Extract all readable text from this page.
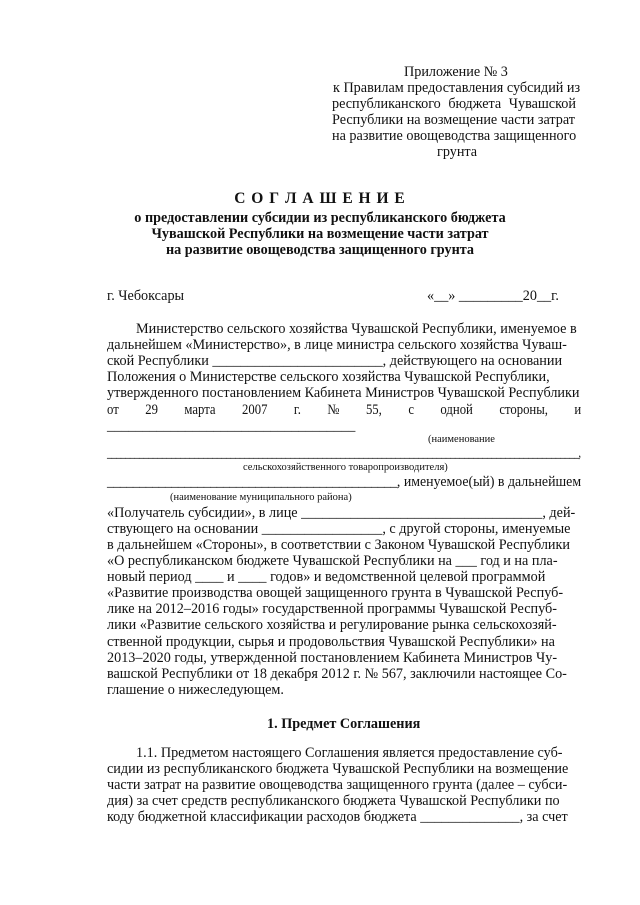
Приложение № 3
к Правилам предоставления субсидий из
республиканского бюджета Чувашской
Республики на возмещение части затрат
на развитие овощеводства защищенного
грунта
С О Г Л А Ш Е Н И Е
о предоставлении субсидии из республиканского бюджета
Чувашской Республики на возмещение части затрат
на развитие овощеводства защищенного грунта
г. Чебоксары	«__» _________20__г.
Министерство сельского хозяйства Чувашской Республики, именуемое в
дальнейшем «Министерство», в лице министра сельского хозяйства Чуваш-
ской Республики ________________________, действующего на основании
Положения о Министерстве сельского хозяйства Чувашской Республики,
утвержденного постановлением Кабинета Министров Чувашской Республики
от 29 марта 2007 г. № 55, с одной стороны, и
___________________________________
(наименование
_______________________________________________________________________________________________________,
сельскохозяйственного товаропроизводителя)
_____________________________________________, именуемое(ый) в дальнейшем
(наименование муниципального района)
«Получатель субсидии», в лице __________________________________, дей-
ствующего на основании _________________, с другой стороны, именуемые
в дальнейшем «Стороны», в соответствии с Законом Чувашской Республики
«О республиканском бюджете Чувашской Республики на ___ год и на пла-
новый период ____ и ____ годов» и ведомственной целевой программой
«Развитие производства овощей защищенного грунта в Чувашской Респуб-
лике на 2012–2016 годы» государственной программы Чувашской Респуб-
лики «Развитие сельского хозяйства и регулирование рынка сельскохозяй-
ственной продукции, сырья и продовольствия Чувашской Республики» на
2013–2020 годы, утвержденной постановлением Кабинета Министров Чу-
вашской Республики от 18 декабря 2012 г. № 567, заключили настоящее Со-
глашение о нижеследующем.
1. Предмет Соглашения
1.1. Предметом настоящего Соглашения является предоставление суб-
сидии из республиканского бюджета Чувашской Республики на возмещение
части затрат на развитие овощеводства защищенного грунта (далее – субси-
дия) за счет средств республиканского бюджета Чувашской Республики по
коду бюджетной классификации расходов бюджета ______________, за счет
